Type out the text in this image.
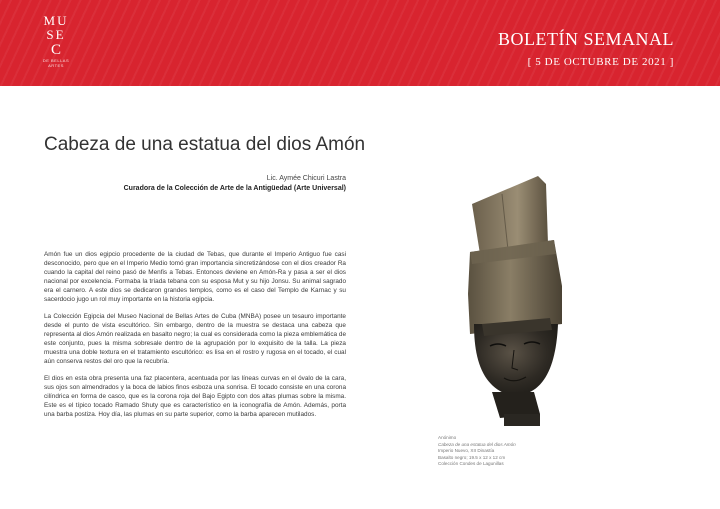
MU
SE
C
DE BELLAS ARTES
BOLETÍN SEMANAL
[ 5 DE OCTUBRE DE 2021 ]
Cabeza de una estatua del dios Amón
Lic. Aymée Chicuri Lastra
Curadora de la Colección de Arte de la Antigüedad (Arte Universal)

Amón fue un dios egipcio procedente de la ciudad de Tebas, que durante el Imperio Antiguo fue casi desconocido, pero que en el Imperio Medio tomó gran importancia sincretizándose con el dios creador Ra cuando la capital del reino pasó de Menfis a Tebas. Entonces deviene en Amón-Ra y pasa a ser el dios nacional por excelencia. Formaba la tríada tebana con su esposa Mut y su hijo Jonsu. Su animal sagrado era el carnero. A este dios se dedicaron grandes templos, como es el caso del Templo de Karnac y su sacerdocio jugo un rol muy importante en la historia egipcia.

La Colección Egipcia del Museo Nacional de Bellas Artes de Cuba (MNBA) posee un tesauro importante desde el punto de vista escultórico. Sin embargo, dentro de la muestra se destaca una cabeza que representa al dios Amón realizada en basalto negro; la cual es considerada como la pieza emblemática de este conjunto, pues la misma sobresale dentro de la agrupación por lo exquisito de la talla. La pieza muestra una doble textura en el tratamiento escultórico: es lisa en el rostro y rugosa en el tocado, el cual aún conserva restos del oro que la recubría.

El dios en esta obra presenta una faz placentera, acentuada por las líneas curvas en el óvalo de la cara, sus ojos son almendrados y la boca de labios finos esboza una sonrisa. El tocado consiste en una corona cilíndrica en forma de casco, que es la corona roja del Bajo Egipto con dos altas plumas sobre la misma. Este es el típico tocado Ramado Shuty que es característico en la iconografía de Amón. Además, porta una barba postiza. Hoy día, las plumas en su parte superior, como la barba aparecen mutilados.

Anónimo
Cabeza de una estatua del dios Amón
Imperio Nuevo, XII Dinastía
Basalto negro; 19.5 x 12 x 12 cm
Colección Condes de Lagunillas
